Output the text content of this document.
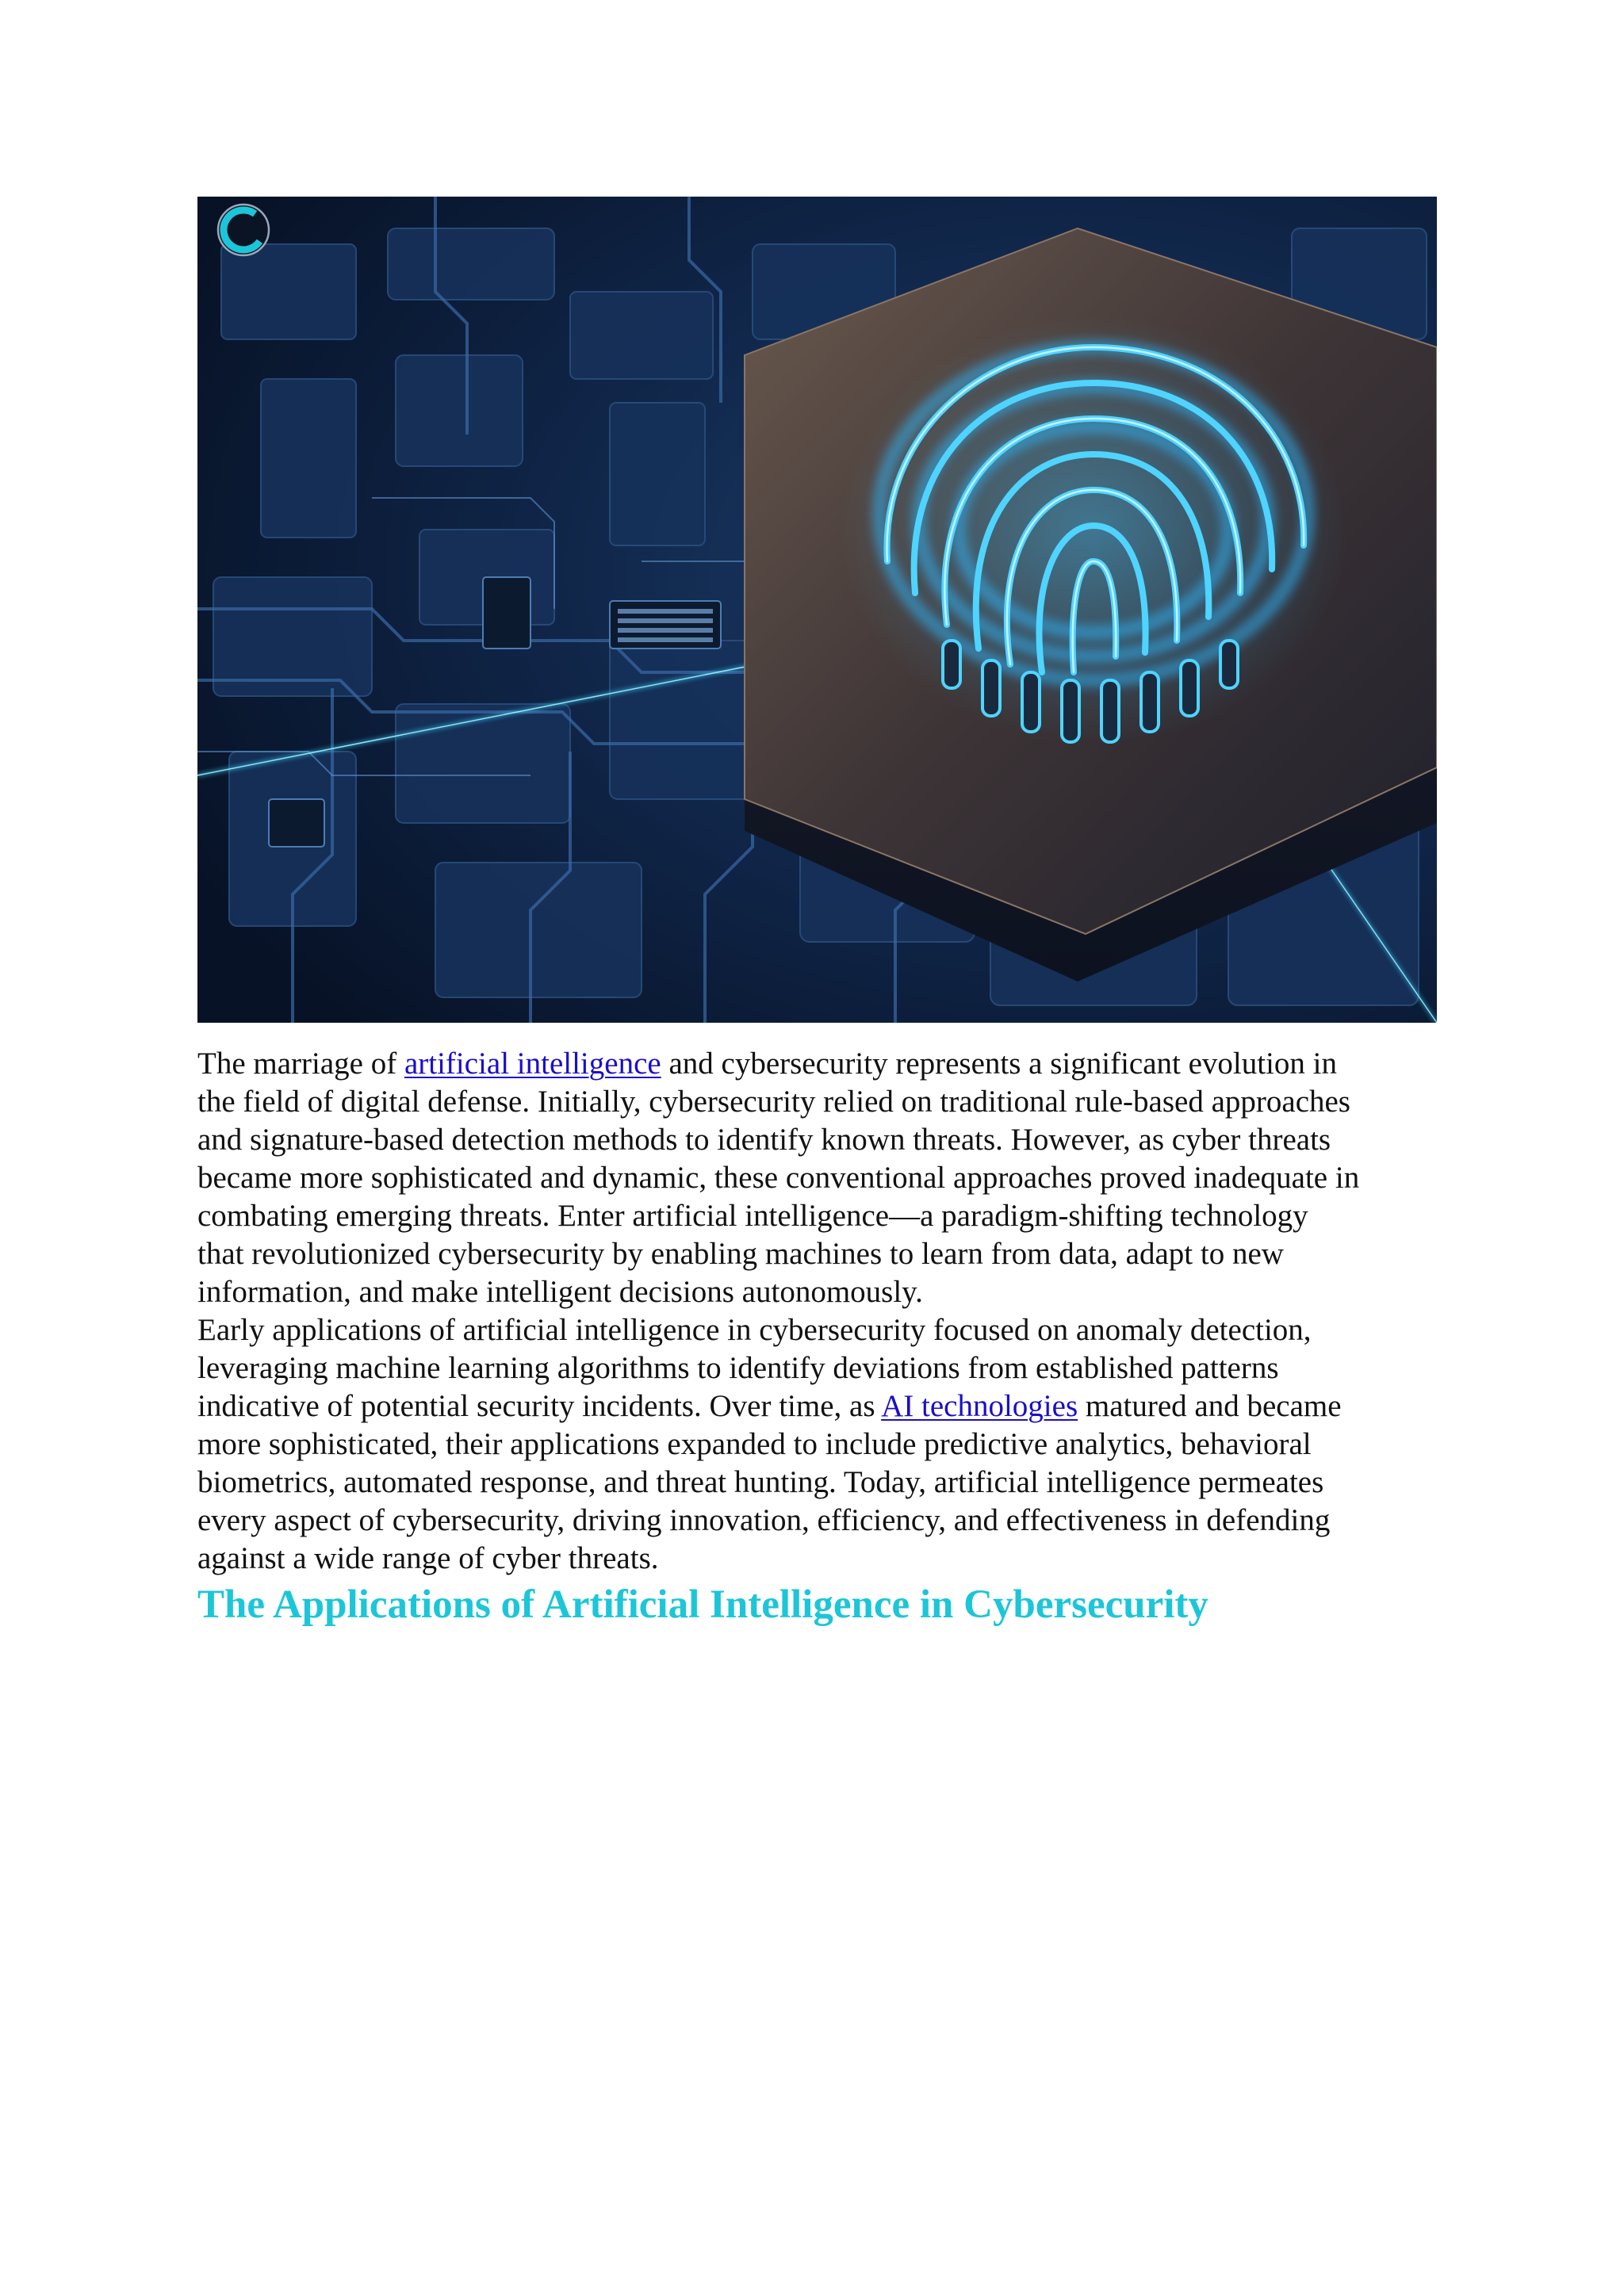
The marriage of artificial intelligence and cybersecurity represents a significant evolution in
the field of digital defense. Initially, cybersecurity relied on traditional rule-based approaches
and signature-based detection methods to identify known threats. However, as cyber threats
became more sophisticated and dynamic, these conventional approaches proved inadequate in
combating emerging threats. Enter artificial intelligence—a paradigm-shifting technology
that revolutionized cybersecurity by enabling machines to learn from data, adapt to new
information, and make intelligent decisions autonomously.

Early applications of artificial intelligence in cybersecurity focused on anomaly detection,
leveraging machine learning algorithms to identify deviations from established patterns
indicative of potential security incidents. Over time, as AI technologies matured and became
more sophisticated, their applications expanded to include predictive analytics, behavioral
biometrics, automated response, and threat hunting. Today, artificial intelligence permeates
every aspect of cybersecurity, driving innovation, efficiency, and effectiveness in defending
against a wide range of cyber threats.

The Applications of Artificial Intelligence in Cybersecurity
